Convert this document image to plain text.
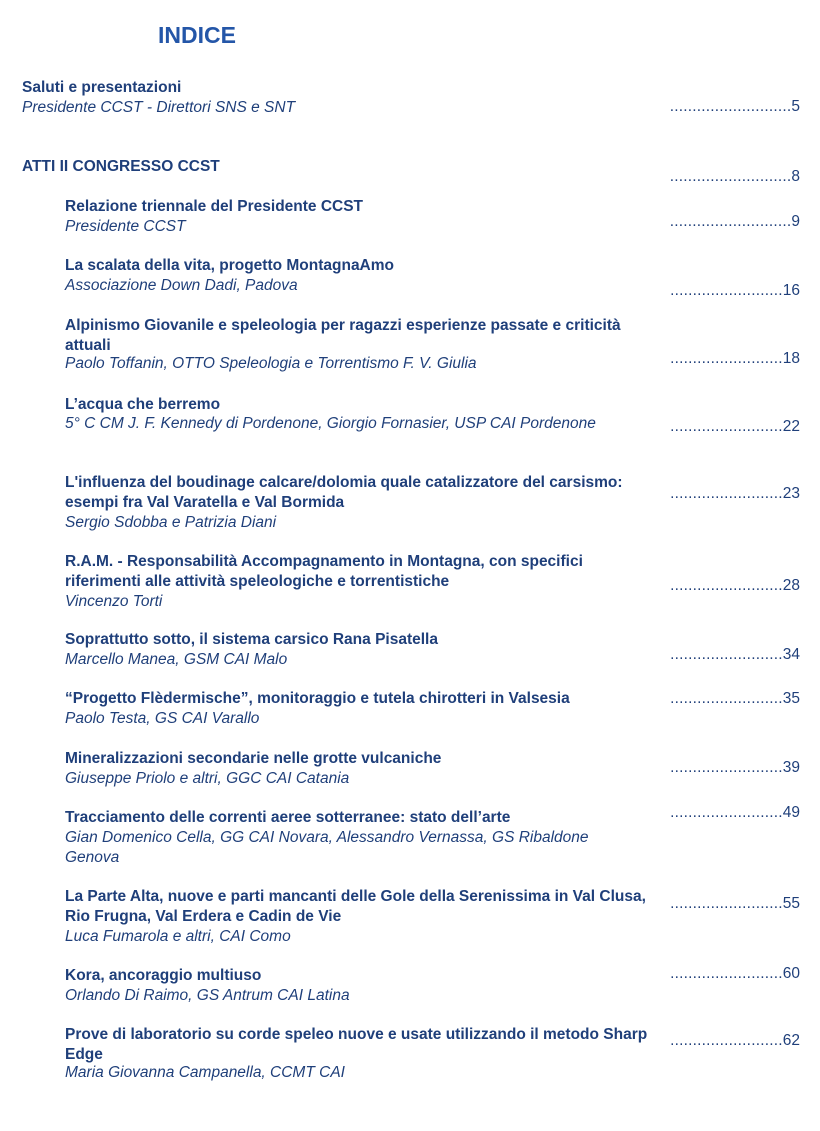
INDICE
Saluti e presentazioni
Presidente CCST - Direttori SNS e SNT	...........................5
ATTI II CONGRESSO CCST
...........................8
Relazione triennale del Presidente CCST
Presidente CCST	...........................9
La scalata della vita, progetto MontagnaAmo
Associazione Down Dadi, Padova	.........................16
Alpinismo Giovanile e speleologia per ragazzi esperienze passate e criticità attuali
Paolo Toffanin, OTTO Speleologia e Torrentismo F. V. Giulia	.........................18
L’acqua che berremo
5° C CM J. F. Kennedy di Pordenone, Giorgio Fornasier, USP CAI Pordenone	.........................22
L'influenza del boudinage calcare/dolomia quale catalizzatore del carsismo: esempi fra Val Varatella e Val Bormida
Sergio Sdobba e Patrizia Diani
.........................23
R.A.M. - Responsabilità Accompagnamento in Montagna, con specifici riferimenti alle attività speleologiche e torrentistiche
Vincenzo Torti
.........................28
Soprattutto sotto, il sistema carsico Rana Pisatella
Marcello Manea, GSM CAI Malo	.........................34
“Progetto Flèdermische”, monitoraggio e tutela chirotteri in Valsesia
Paolo Testa, GS CAI Varallo
.........................35
Mineralizzazioni secondarie nelle grotte vulcaniche
Giuseppe Priolo e altri, GGC CAI Catania
.........................39
Tracciamento delle correnti aeree sotterranee: stato dell’arte
Gian Domenico Cella, GG CAI Novara, Alessandro Vernassa, GS Ribaldone Genova
.........................49
La Parte Alta, nuove e parti mancanti delle Gole della Serenissima in Val Clusa, Rio Frugna, Val Erdera e Cadin de Vie
Luca Fumarola e altri, CAI Como
.........................55
Kora, ancoraggio multiuso
Orlando Di Raimo, GS Antrum CAI Latina
.........................60
Prove di laboratorio su corde speleo nuove e usate utilizzando il metodo Sharp Edge
Maria Giovanna Campanella, CCMT CAI
.........................62
